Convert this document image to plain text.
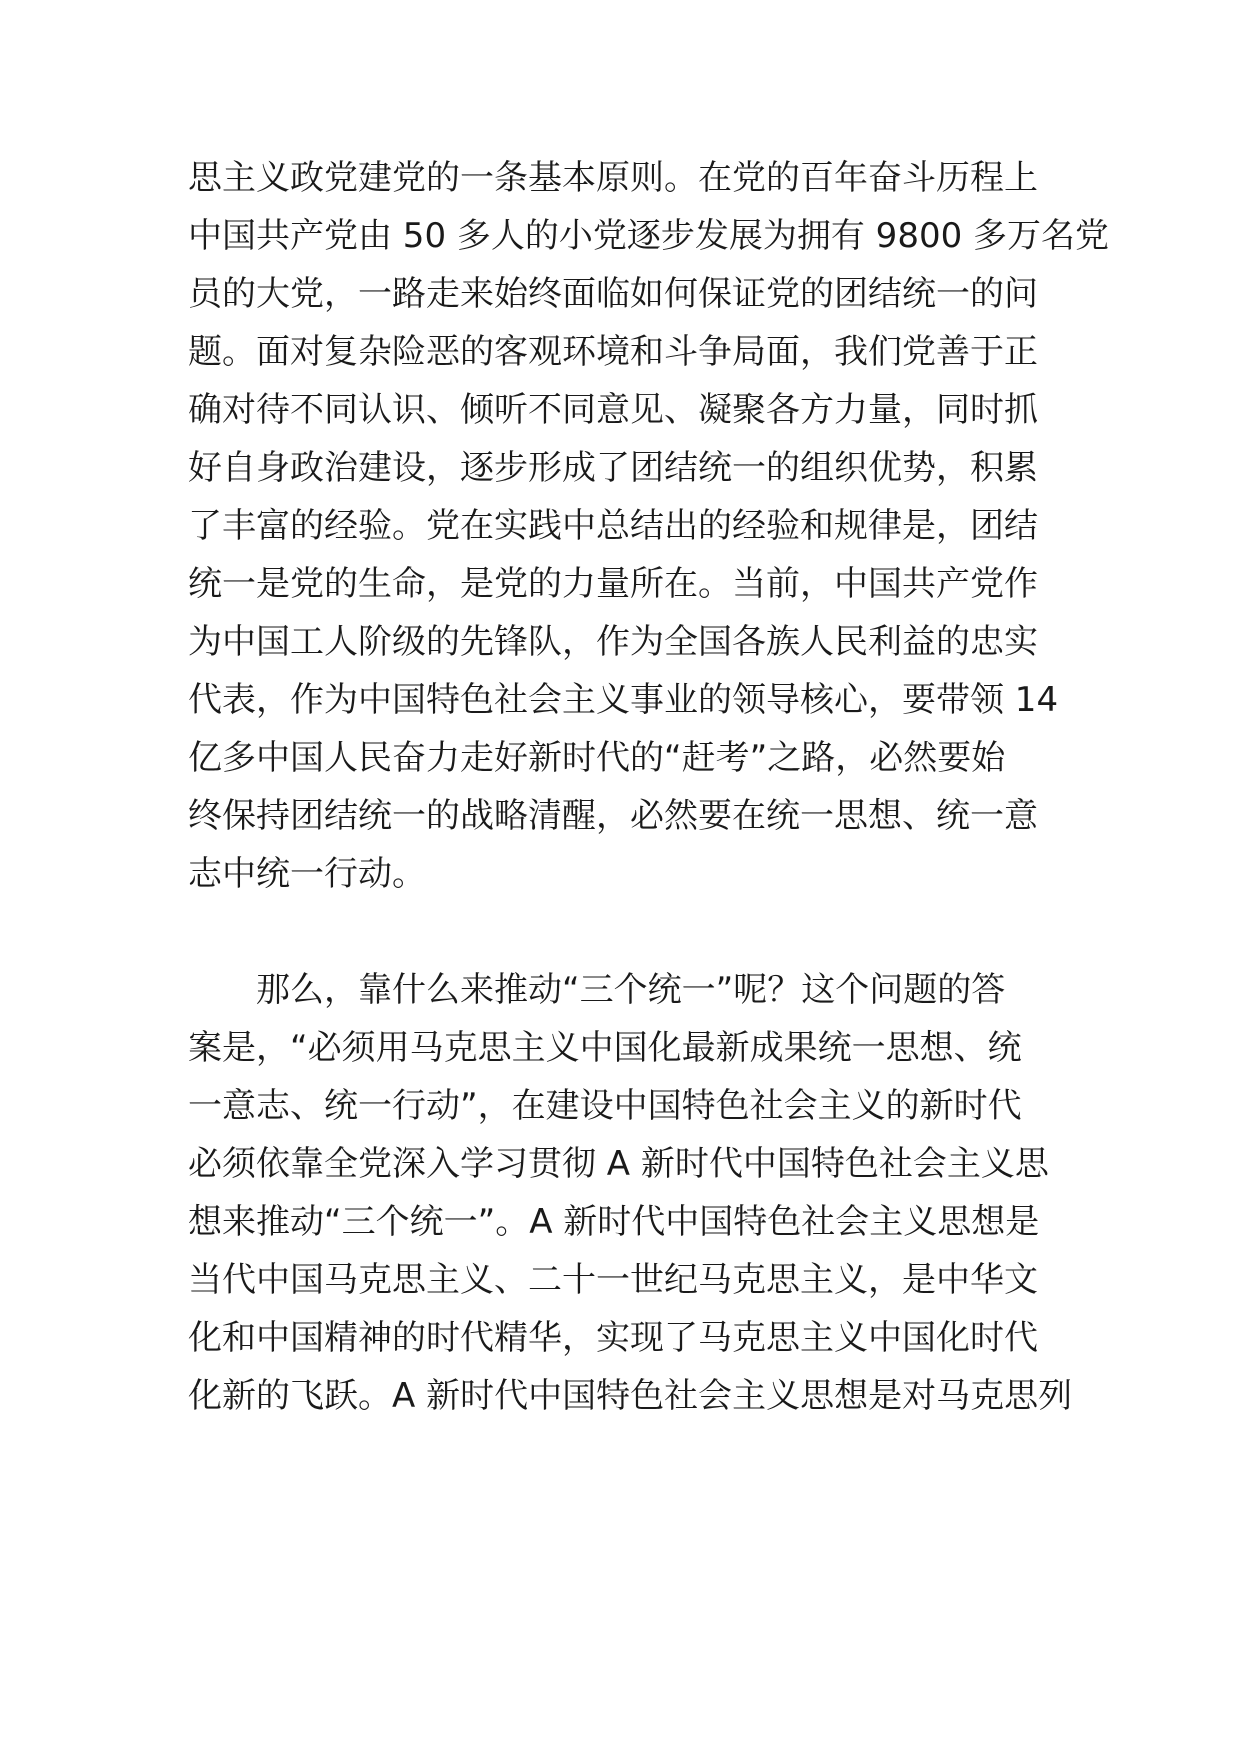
思主义政党建党的一条基本原则。在党的百年奋斗历程上
中国共产党由 50 多人的小党逐步发展为拥有 9800 多万名党
员的大党，一路走来始终面临如何保证党的团结统一的问
题。面对复杂险恶的客观环境和斗争局面，我们党善于正
确对待不同认识、倾听不同意见、凝聚各方力量，同时抓
好自身政治建设，逐步形成了团结统一的组织优势，积累
了丰富的经验。党在实践中总结出的经验和规律是，团结
统一是党的生命，是党的力量所在。当前，中国共产党作
为中国工人阶级的先锋队，作为全国各族人民利益的忠实
代表，作为中国特色社会主义事业的领导核心，要带领 14
亿多中国人民奋力走好新时代的“赶考”之路，必然要始
终保持团结统一的战略清醒，必然要在统一思想、统一意
志中统一行动。
那么，靠什么来推动“三个统一”呢？这个问题的答
案是，“必须用马克思主义中国化最新成果统一思想、统
一意志、统一行动”，在建设中国特色社会主义的新时代
必须依靠全党深入学习贯彻 A 新时代中国特色社会主义思
想来推动“三个统一”。A 新时代中国特色社会主义思想是
当代中国马克思主义、二十一世纪马克思主义，是中华文
化和中国精神的时代精华，实现了马克思主义中国化时代
化新的飞跃。A 新时代中国特色社会主义思想是对马克思列
